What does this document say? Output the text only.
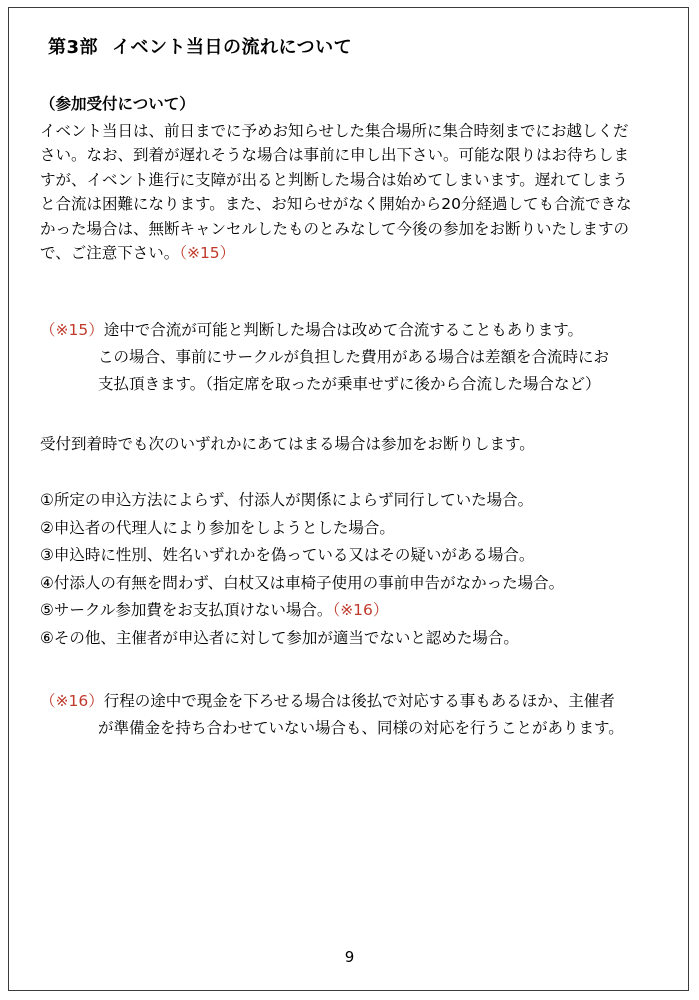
第3部 イベント当日の流れについて
（参加受付について）
イベント当日は、前日までに予めお知らせした集合場所に集合時刻までにお越しくだ
さい。なお、到着が遅れそうな場合は事前に申し出下さい。可能な限りはお待ちしま
すが、イベント進行に支障が出ると判断した場合は始めてしまいます。遅れてしまう
と合流は困難になります。また、お知らせがなく開始から20分経過しても合流できな
かった場合は、無断キャンセルしたものとみなして今後の参加をお断りいたしますの
で、ご注意下さい。（※15）
（※15）途中で合流が可能と判断した場合は改めて合流することもあります。
この場合、事前にサークルが負担した費用がある場合は差額を合流時にお
支払頂きます。（指定席を取ったが乗車せずに後から合流した場合など）
受付到着時でも次のいずれかにあてはまる場合は参加をお断りします。
①所定の申込方法によらず、付添人が関係によらず同行していた場合。
②申込者の代理人により参加をしようとした場合。
③申込時に性別、姓名いずれかを偽っている又はその疑いがある場合。
④付添人の有無を問わず、白杖又は車椅子使用の事前申告がなかった場合。
⑤サークル参加費をお支払頂けない場合。（※16）
⑥その他、主催者が申込者に対して参加が適当でないと認めた場合。
（※16）行程の途中で現金を下ろせる場合は後払で対応する事もあるほか、主催者
が準備金を持ち合わせていない場合も、同様の対応を行うことがあります。
9
